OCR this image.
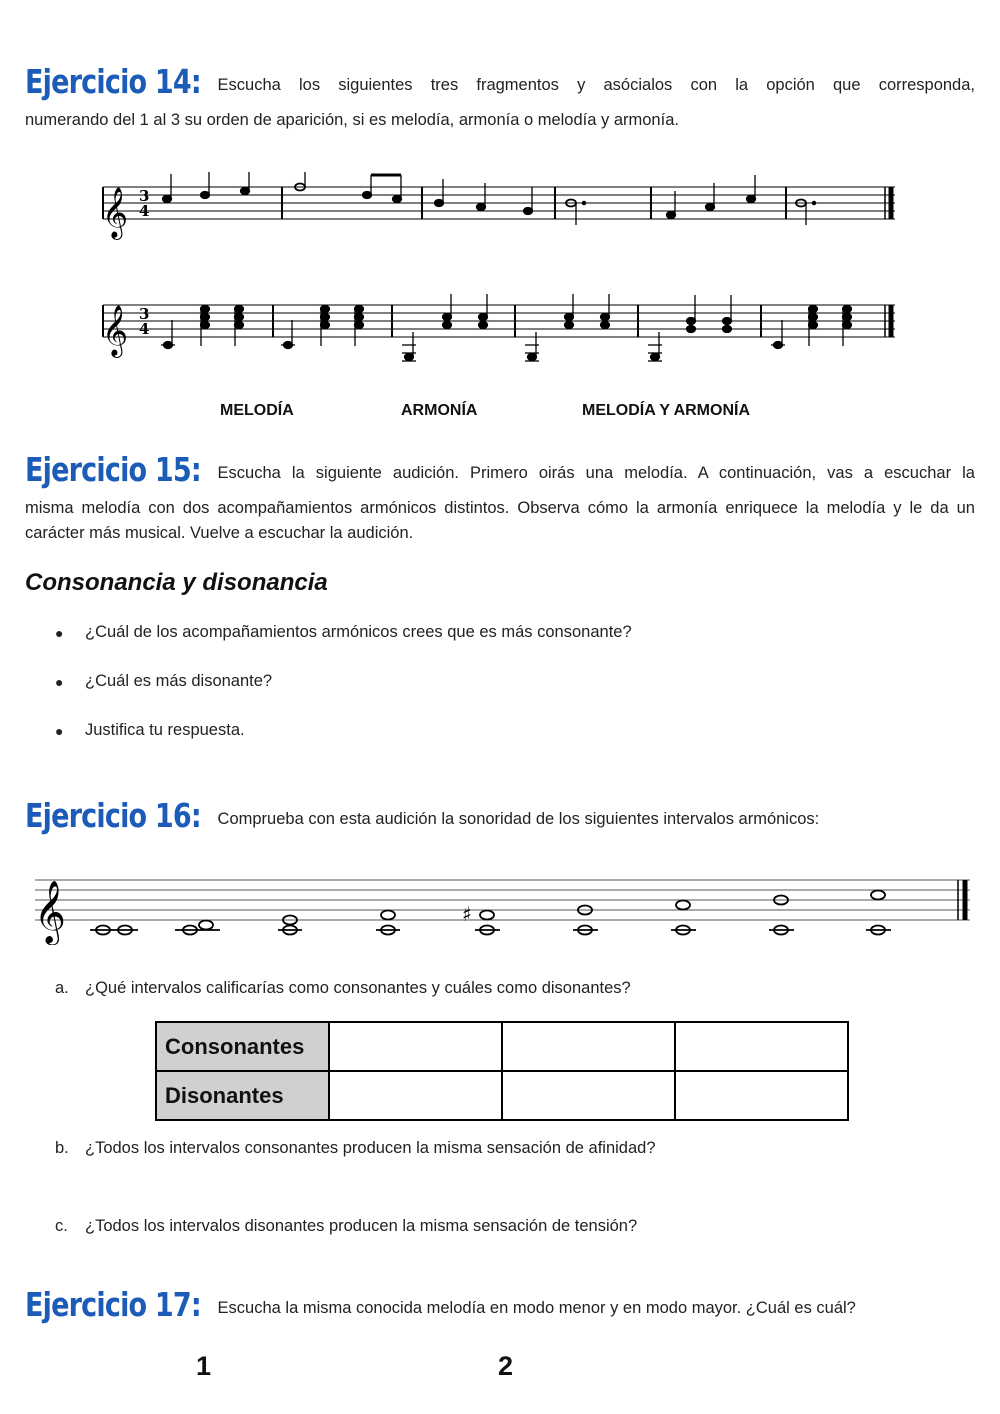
Ejercicio 14: Escucha los siguientes tres fragmentos y asócialos con la opción que corresponda,
numerando del 1 al 3 su orden de aparición, si es melodía, armonía o melodía y armonía.
𝄞 3
4
𝄞 3
4
MELODÍA	ARMONÍA	MELODÍA Y ARMONÍA
Ejercicio 15: Escucha la siguiente audición. Primero oirás una melodía. A continuación, vas a escuchar la
misma melodía con dos acompañamientos armónicos distintos. Observa cómo la armonía enriquece la melodía y le da un carácter más musical. Vuelve a escuchar la audición.
Consonancia y disonancia
●	¿Cuál de los acompañamientos armónicos crees que es más consonante?
●	¿Cuál es más disonante?
●	Justifica tu respuesta.
Ejercicio 16: Comprueba con esta audición la sonoridad de los siguientes intervalos armónicos:
𝄞	♯
a. ¿Qué intervalos calificarías como consonantes y cuáles como disonantes?
Consonantes			
Disonantes			
b. ¿Todos los intervalos consonantes producen la misma sensación de afinidad?
c.	¿Todos los intervalos disonantes producen la misma sensación de tensión?
Ejercicio 17: Escucha la misma conocida melodía en modo menor y en modo mayor. ¿Cuál es cuál?
1	2
